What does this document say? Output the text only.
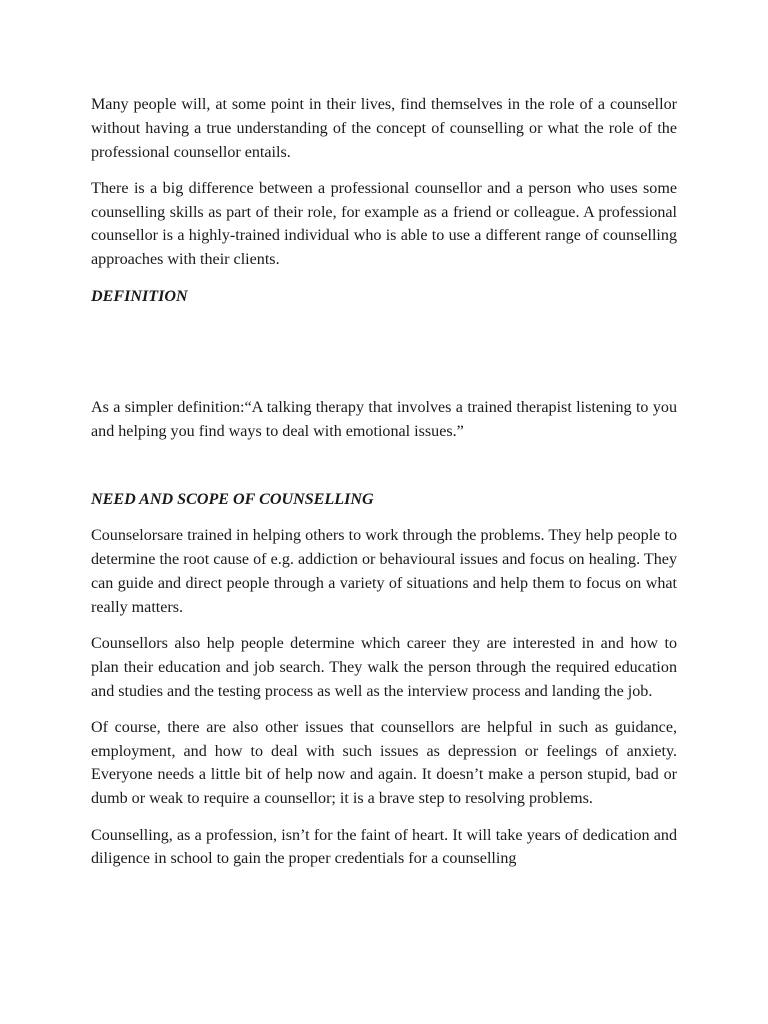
Many people will, at some point in their lives, find themselves in the role of a counsellor without having a true understanding of the concept of counselling or what the role of the professional counsellor entails.

There is a big difference between a professional counsellor and a person who uses some counselling skills as part of their role, for example as a friend or colleague. A professional counsellor is a highly-trained individual who is able to use a different range of counselling approaches with their clients.

DEFINITION

As a simpler definition:“A talking therapy that involves a trained therapist listening to you and helping you find ways to deal with emotional issues.”

NEED AND SCOPE OF COUNSELLING

Counselorsare trained in helping others to work through the problems. They help people to determine the root cause of e.g. addiction or behavioural issues and focus on healing. They can guide and direct people through a variety of situations and help them to focus on what really matters.

Counsellors also help people determine which career they are interested in and how to plan their education and job search. They walk the person through the required education and studies and the testing process as well as the interview process and landing the job.

Of course, there are also other issues that counsellors are helpful in such as guidance, employment, and how to deal with such issues as depression or feelings of anxiety. Everyone needs a little bit of help now and again. It doesn’t make a person stupid, bad or dumb or weak to require a counsellor; it is a brave step to resolving problems.

Counselling, as a profession, isn’t for the faint of heart. It will take years of dedication and diligence in school to gain the proper credentials for a counselling
